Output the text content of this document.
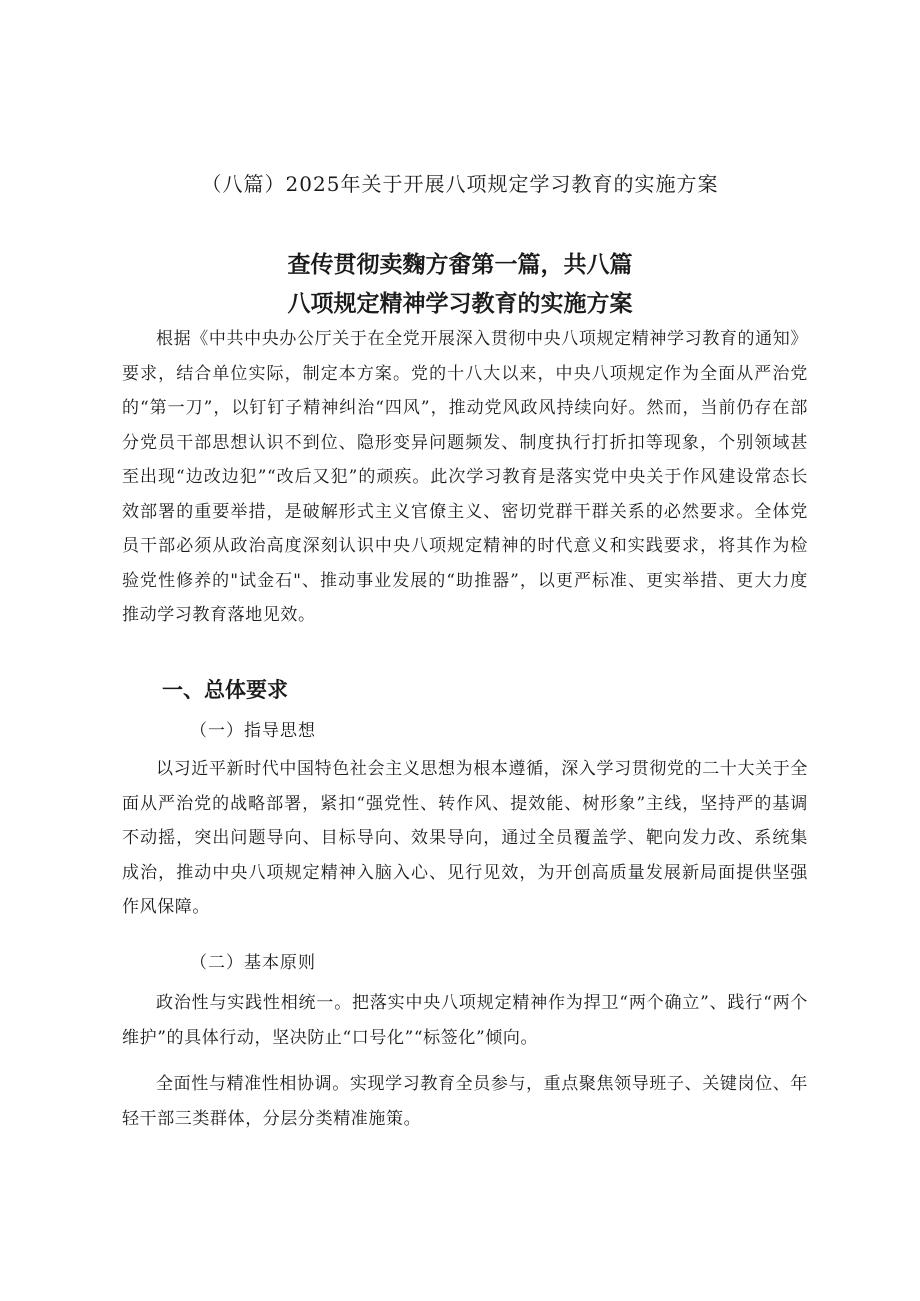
（八篇）2025年关于开展八项规定学习教育的实施方案
查传贯彻卖麴方畬第一篇，共八篇
八项规定精神学习教育的实施方案

根据《中共中央办公厅关于在全党开展深入贯彻中央八项规定精神学习教育的通知》要求，结合单位实际，制定本方案。党的十八大以来，中央八项规定作为全面从严治党的“第一刀”，以钉钉子精神纠治“四风”，推动党风政风持续向好。然而，当前仍存在部分党员干部思想认识不到位、隐形变异问题频发、制度执行打折扣等现象，个别领域甚至出现“边改边犯”“改后又犯”的顽疾。此次学习教育是落实党中央关于作风建设常态长效部署的重要举措，是破解形式主义官僚主义、密切党群干群关系的必然要求。全体党员干部必须从政治高度深刻认识中央八项规定精神的时代意义和实践要求，将其作为检验党性修养的"试金石"、推动事业发展的“助推器”，以更严标准、更实举措、更大力度推动学习教育落地见效。

一、总体要求
（一）指导思想

以习近平新时代中国特色社会主义思想为根本遵循，深入学习贯彻党的二十大关于全面从严治党的战略部署，紧扣“强党性、转作风、提效能、树形象”主线，坚持严的基调不动摇，突出问题导向、目标导向、效果导向，通过全员覆盖学、靶向发力改、系统集成治，推动中央八项规定精神入脑入心、见行见效，为开创高质量发展新局面提供坚强作风保障。

（二）基本原则

政治性与实践性相统一。把落实中央八项规定精神作为捍卫“两个确立”、践行“两个维护”的具体行动，坚决防止“口号化”“标签化”倾向。

全面性与精准性相协调。实现学习教育全员参与，重点聚焦领导班子、关键岗位、年轻干部三类群体，分层分类精准施策。
